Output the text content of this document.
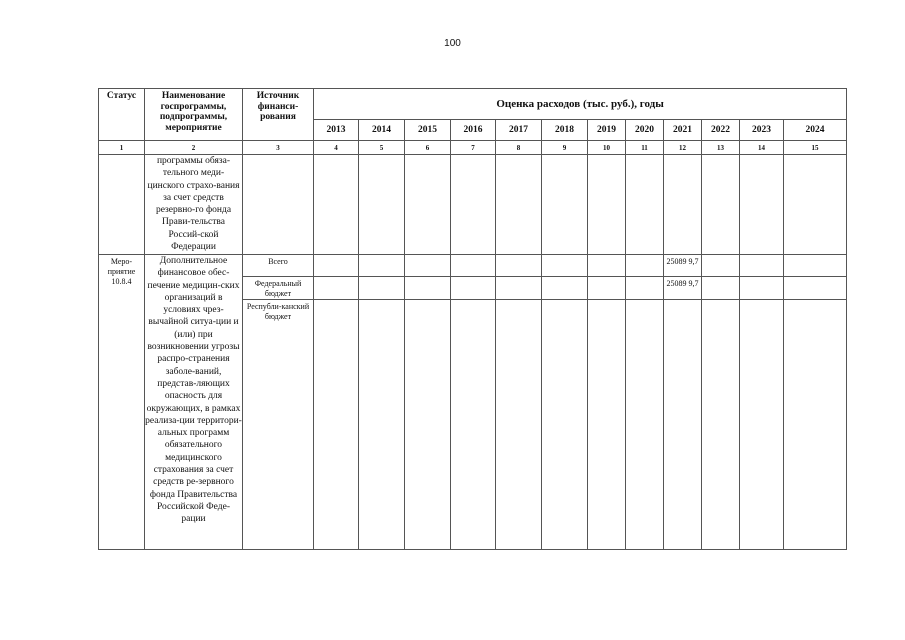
100
Статус	Наименование госпрограммы, подпрограммы, мероприятие	Источник финанси-рования	Оценка расходов (тыс. руб.), годы											
			2013	2014	2015	2016	2017	2018	2019	2020	2021	2022	2023	2024
1	2	3	4	5	6	7	8	9	10	11	12	13	14	15

	программы обяза-тельного меди-цинского страхо-вания за счет средств резервно-го фонда Прави-тельства Россий-ской Федерации													

Меро-приятие 10.8.4	Дополнительное финансовое обес-печение медицин-ских организаций в условиях чрез-вычайной ситуа-ции и (или) при возникновении угрозы распро-странения заболе-ваний, представ-ляющих опасность для окружающих, в рамках реализа-ции территори-альных программ обязательного медицинского страхования за счет средств ре-зервного фонда Правительства Российской Феде-рации	Всего									25089 9,7			
		Федеральный бюджет									25089 9,7			
		Республи-канский бюджет												
